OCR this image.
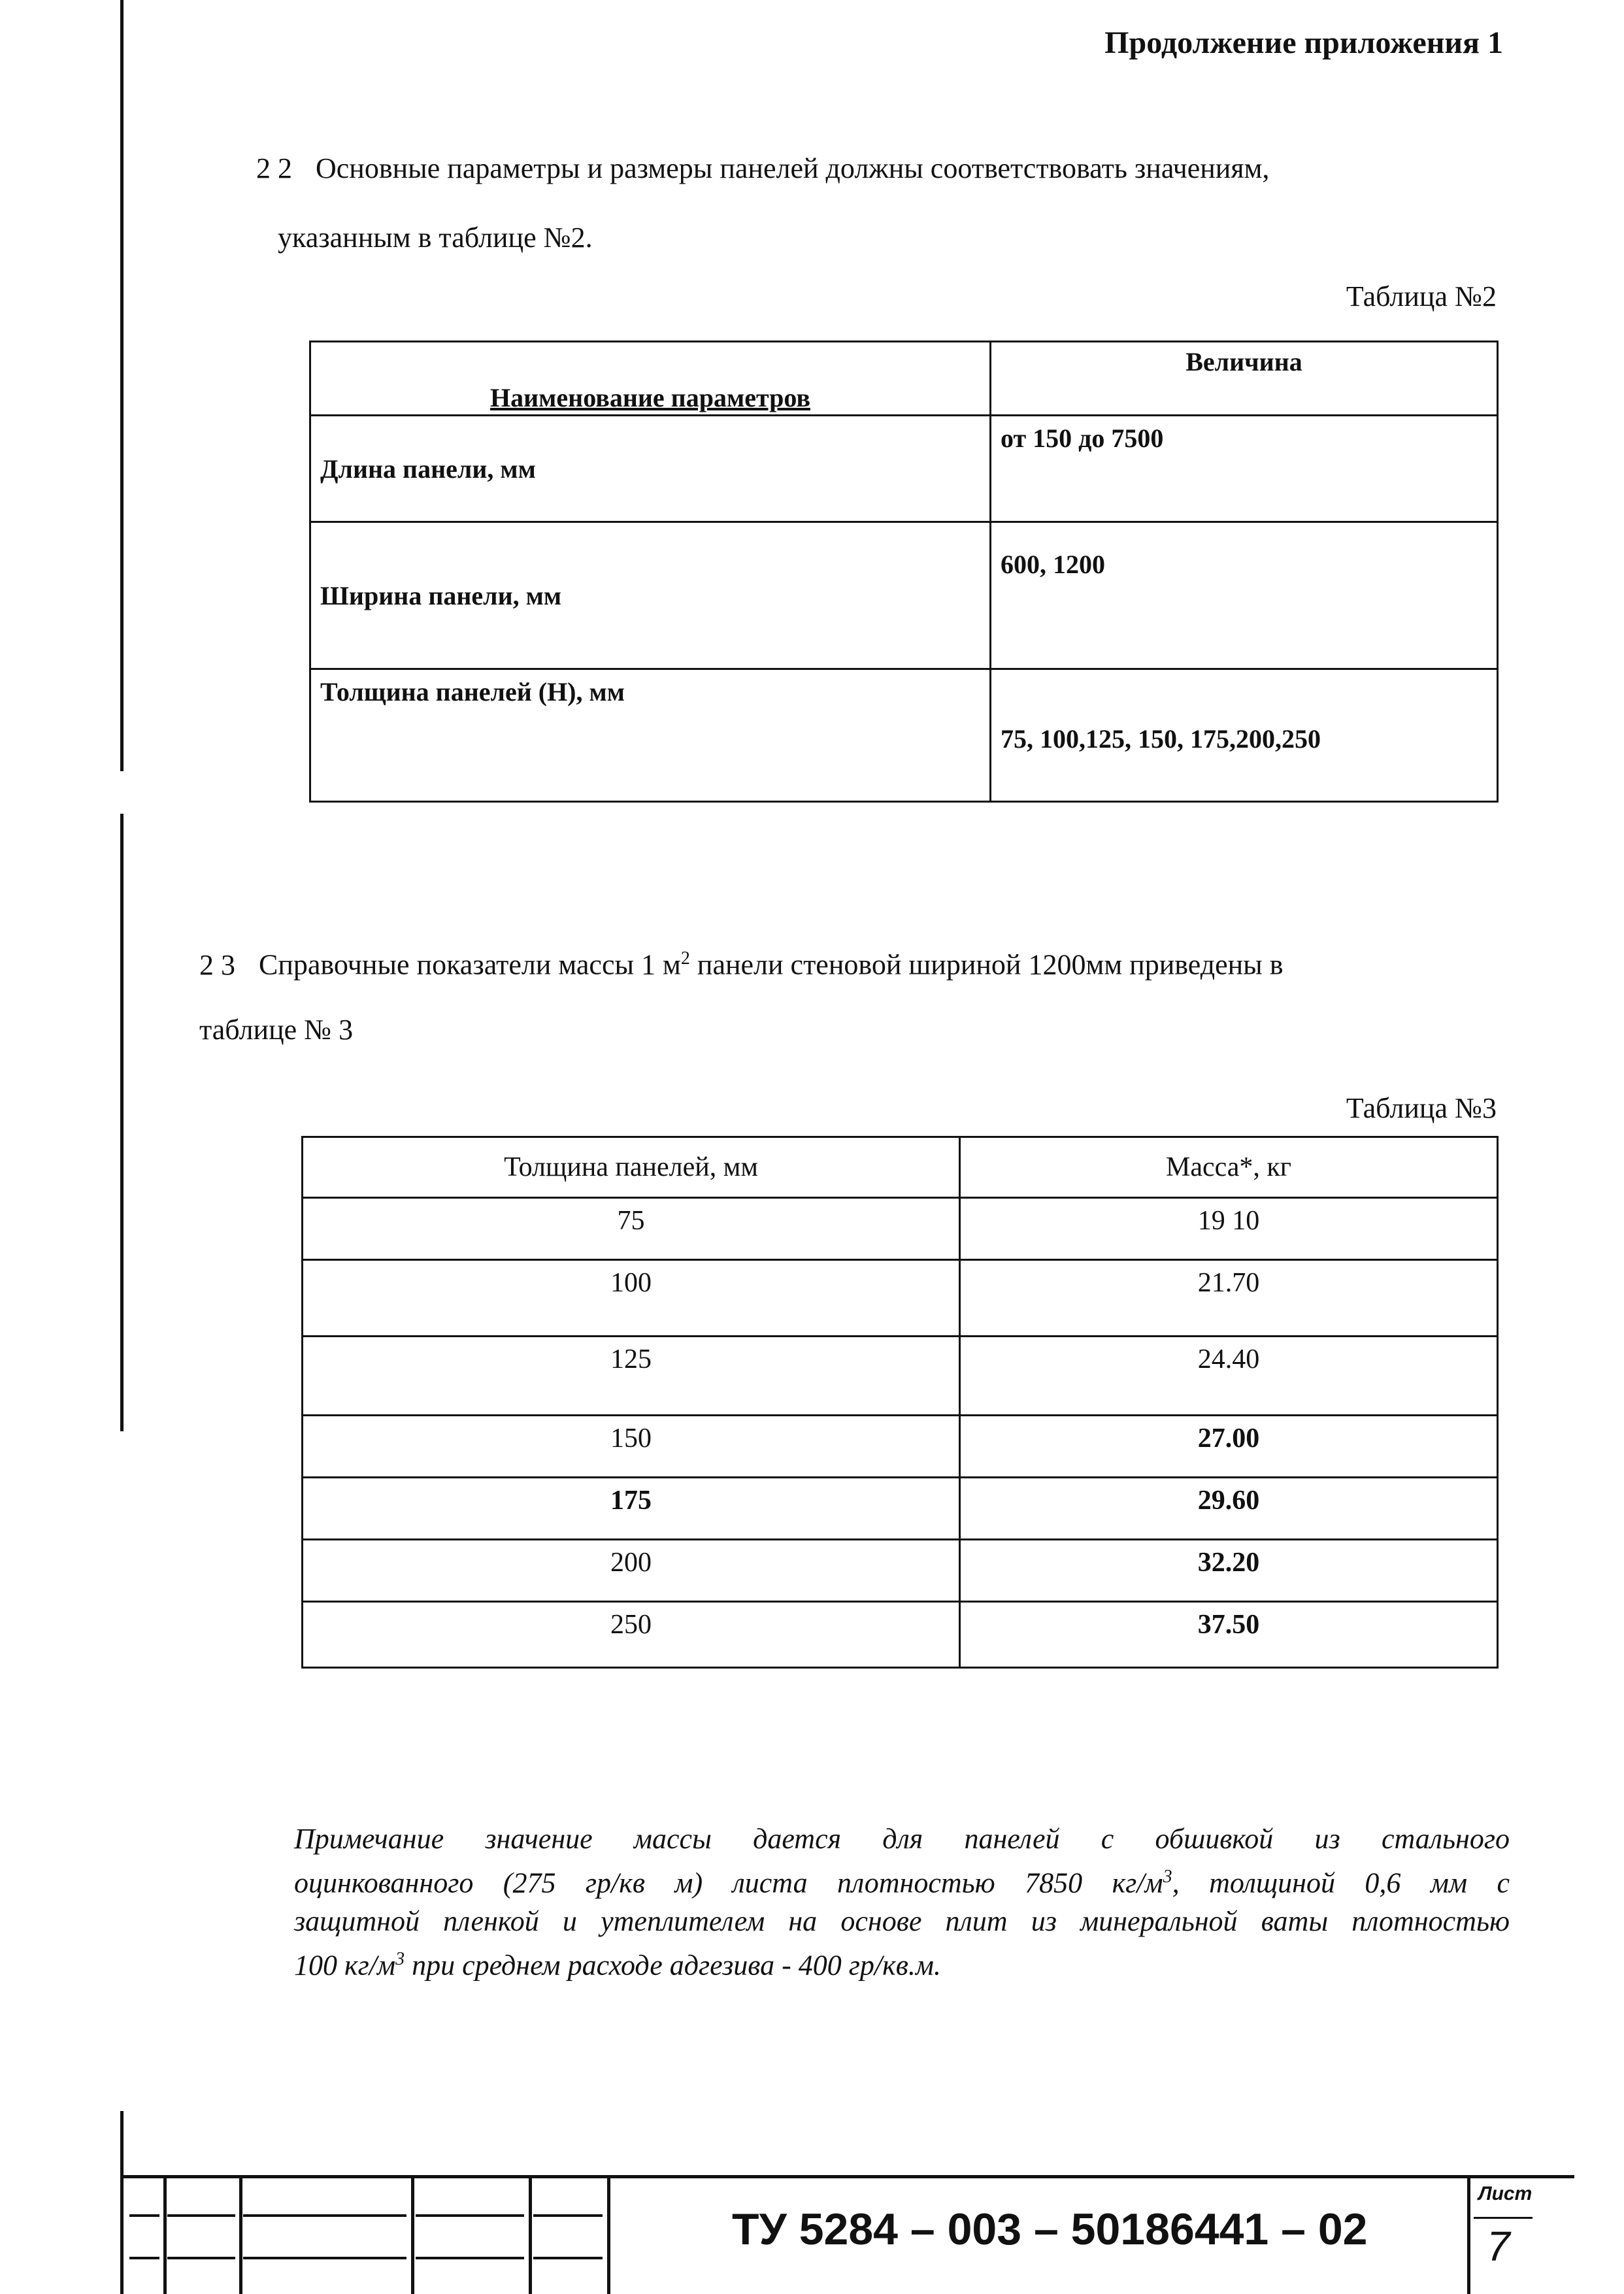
Продолжение приложения 1
2 2 Основные параметры и размеры панелей должны соответствовать значениям,
указанным в таблице №2.
Таблица №2
Наименование параметров	Величина
Длина панели, мм	от 150 до 7500
Ширина панели, мм	600, 1200
Толщина панелей (Н), мм	75, 100,125, 150, 175,200,250
2 3 Справочные показатели массы 1 $м^2$ панели стеновой шириной 1200мм приведены в
таблице № 3
Таблица №3
Толщина панелей, мм	Масса*, кг
75	19 10
100	21.70
125	24.40
150	27.00
175	29.60
200	32.20
250	37.50
Примечание значение массы дается для панелей с обшивкой из стального
оцинкованного (275 гр/кв м) листа плотностью 7850 $кг/м^3$, толщиной 0,6 мм с
защитной пленкой и утеплителем на основе плит из минеральной ваты плотностью
100 $кг/м^3$ при среднем расходе адгезива - 400 гр/кв.м.
ТУ 5284 – 003 – 50186441 – 02
Лист
7
